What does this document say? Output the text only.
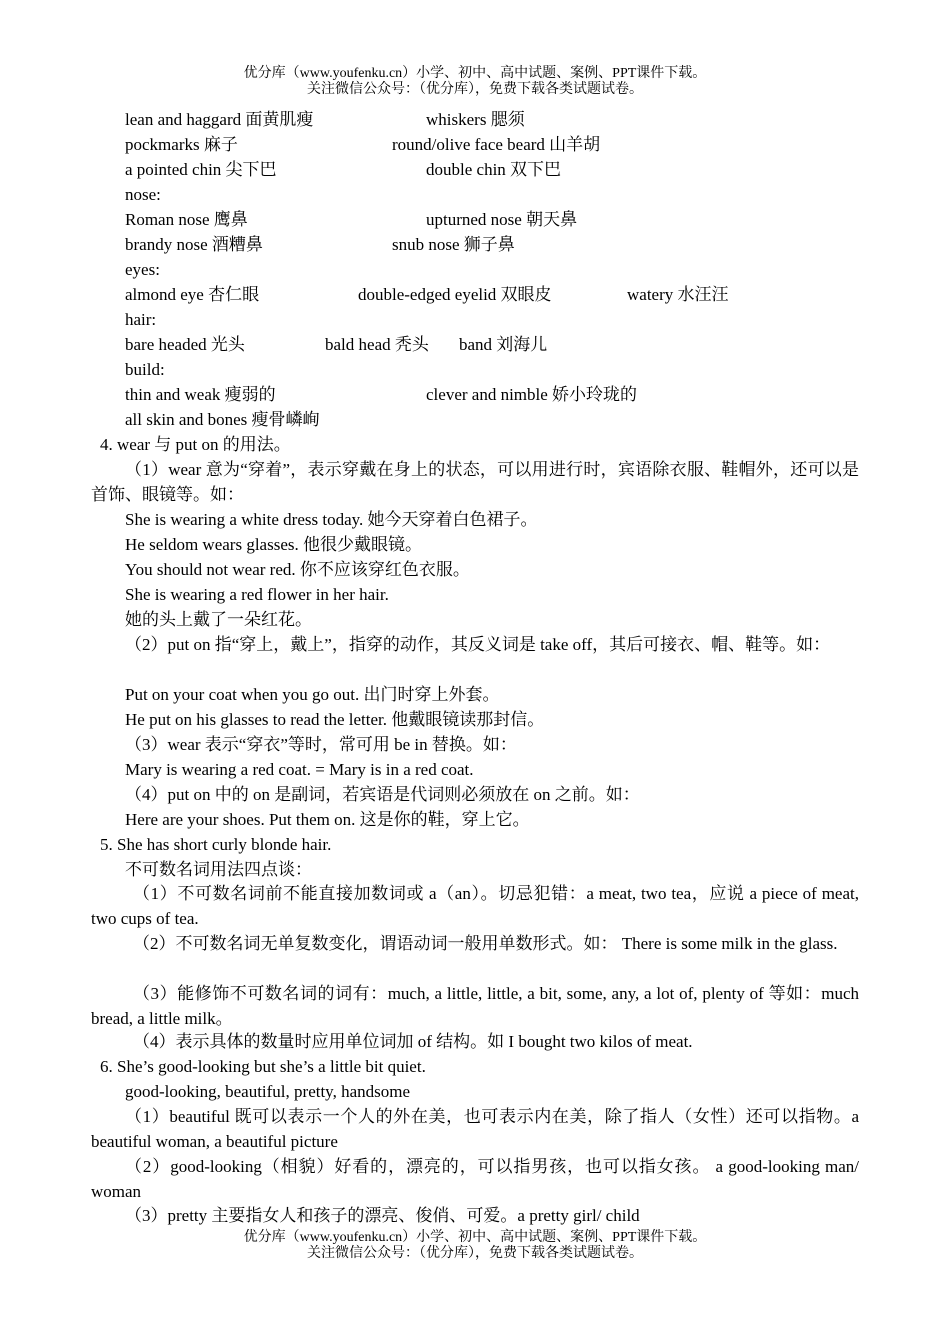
优分库（www.youfenku.cn）小学、初中、高中试题、案例、PPT课件下载。
关注微信公众号：（优分库），免费下载各类试题试卷。
lean and haggard 面黄肌瘦	whiskers 腮须
pockmarks 麻子	round/olive face beard 山羊胡
a pointed chin 尖下巴	double chin 双下巴
nose:
Roman nose 鹰鼻	upturned nose 朝天鼻
brandy nose 酒糟鼻	snub nose 狮子鼻
eyes:
almond eye 杏仁眼	double-edged eyelid 双眼皮	watery 水汪汪
hair:
bare headed 光头	bald head 秃头 band 刘海儿
build:
thin and weak 瘦弱的	clever and nimble 娇小玲珑的
all skin and bones 瘦骨嶙峋
4. wear 与 put on 的用法。
（1）wear 意为“穿着”，表示穿戴在身上的状态，可以用进行时，宾语除衣服、鞋帽外，还可以是首饰、眼镜等。如：
She is wearing a white dress today. 她今天穿着白色裙子。
He seldom wears glasses. 他很少戴眼镜。
You should not wear red. 你不应该穿红色衣服。
She is wearing a red flower in her hair.
她的头上戴了一朵红花。
（2）put on 指“穿上，戴上”，指穿的动作，其反义词是 take off，其后可接衣、帽、鞋等。如：
Put on your coat when you go out. 出门时穿上外套。
He put on his glasses to read the letter. 他戴眼镜读那封信。
（3）wear 表示“穿衣”等时，常可用 be in 替换。如：
Mary is wearing a red coat. = Mary is in a red coat.
（4）put on 中的 on 是副词，若宾语是代词则必须放在 on 之前。如：
Here are your shoes. Put them on. 这是你的鞋，穿上它。
5. She has short curly blonde hair.
不可数名词用法四点谈：
（1）不可数名词前不能直接加数词或 a（an）。切忌犯错：a meat, two tea，应说 a piece of meat, two cups of tea.
（2）不可数名词无单复数变化，谓语动词一般用单数形式。如： There is some milk in the glass.
（3）能修饰不可数名词的词有：much, a little, little, a bit, some, any, a lot of, plenty of 等如：much bread, a little milk。
（4）表示具体的数量时应用单位词加 of 结构。如 I bought two kilos of meat.
6. She’s good-looking but she’s a little bit quiet.
good-looking, beautiful, pretty, handsome
（1）beautiful 既可以表示一个人的外在美，也可表示内在美，除了指人（女性）还可以指物。a beautiful woman, a beautiful picture
（2）good-looking（相貌）好看的，漂亮的，可以指男孩，也可以指女孩。 a good-looking man/ woman
（3）pretty 主要指女人和孩子的漂亮、俊俏、可爱。a pretty girl/ child
优分库（www.youfenku.cn）小学、初中、高中试题、案例、PPT课件下载。
关注微信公众号：（优分库），免费下载各类试题试卷。
